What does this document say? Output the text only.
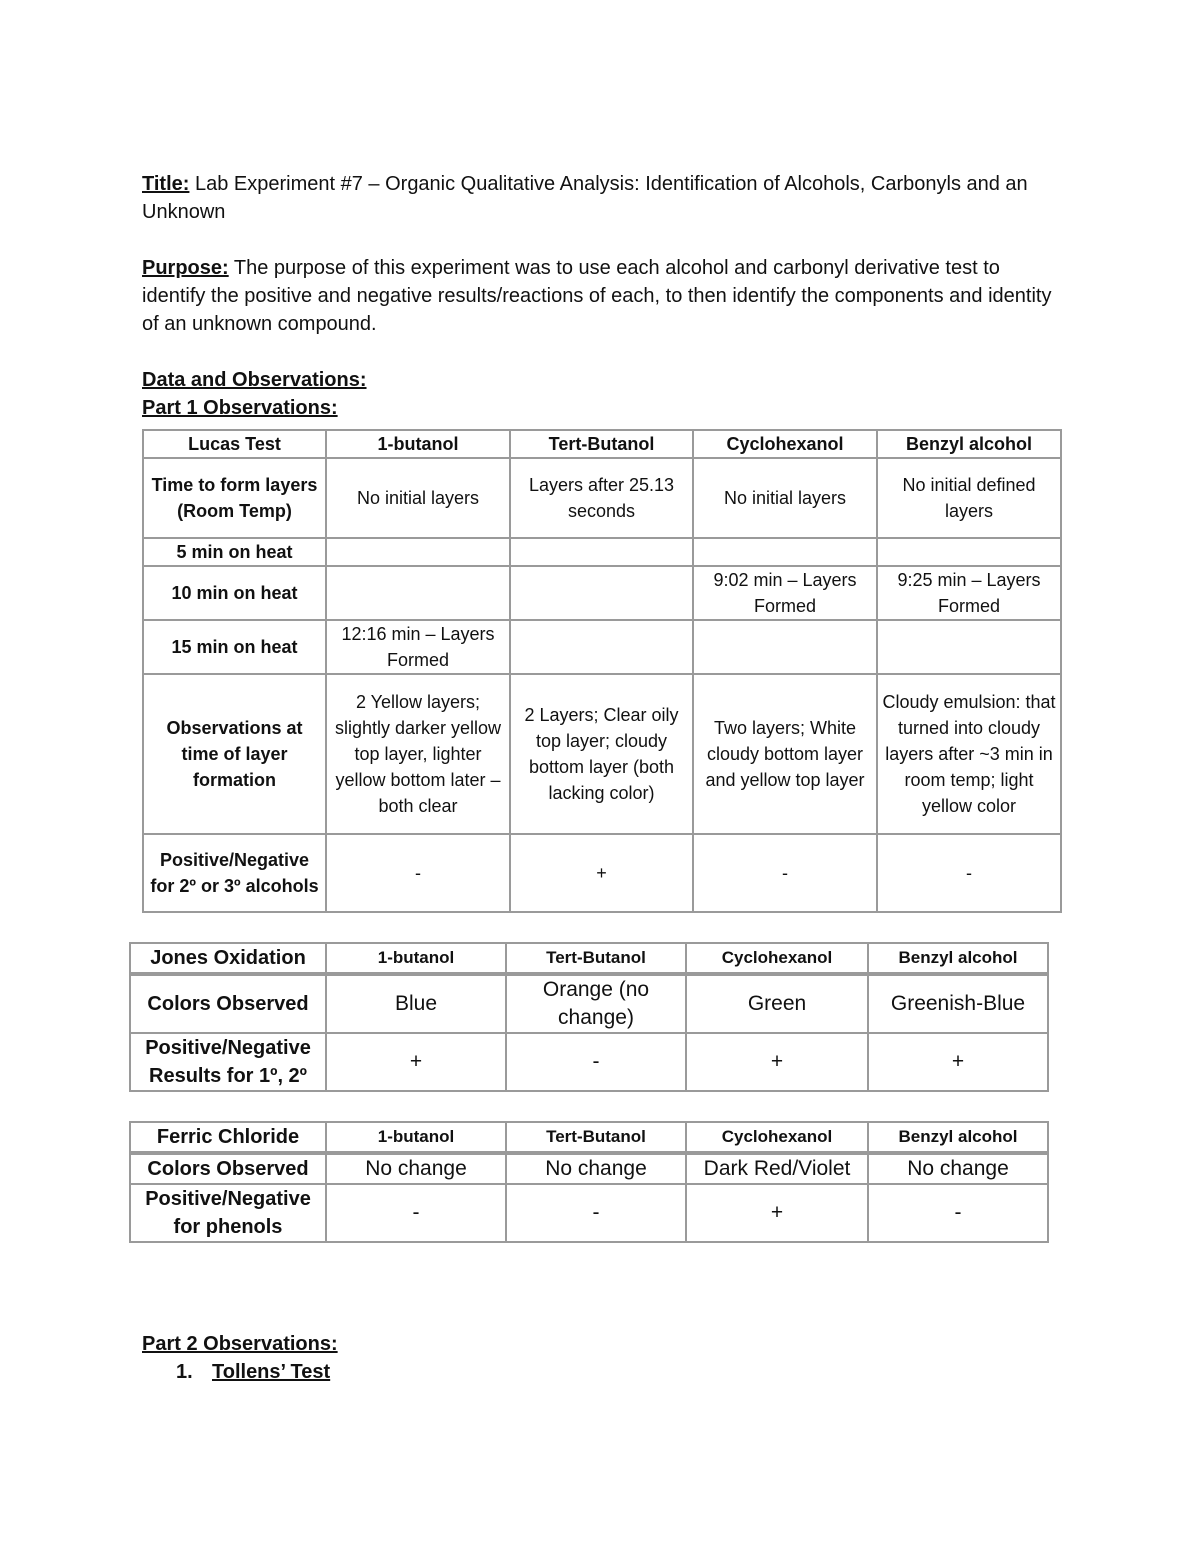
Title: Lab Experiment #7 – Organic Qualitative Analysis: Identification of Alcohols, Carbonyls and an Unknown

Purpose: The purpose of this experiment was to use each alcohol and carbonyl derivative test to identify the positive and negative results/reactions of each, to then identify the components and identity of an unknown compound.

Data and Observations:

Part 1 Observations:

Lucas Test	1-butanol	Tert-Butanol	Cyclohexanol	Benzyl alcohol
Time to form layers (Room Temp)	No initial layers	Layers after 25.13 seconds	No initial layers	No initial defined layers
5 min on heat				
10 min on heat			9:02 min – Layers Formed	9:25 min – Layers Formed
15 min on heat	12:16 min – Layers Formed			
Observations at time of layer formation	2 Yellow layers; slightly darker yellow top layer, lighter yellow bottom later – both clear	2 Layers; Clear oily top layer; cloudy bottom layer (both lacking color)	Two layers; White cloudy bottom layer and yellow top layer	Cloudy emulsion: that turned into cloudy layers after ~3 min in room temp; light yellow color
Positive/Negative for 2º or 3º alcohols	-	+	-	-
Jones Oxidation	1-butanol	Tert-Butanol	Cyclohexanol	Benzyl alcohol
Colors Observed	Blue	Orange (no change)	Green	Greenish-Blue
Positive/Negative Results for 1º, 2º	+	-	+	+
Ferric Chloride	1-butanol	Tert-Butanol	Cyclohexanol	Benzyl alcohol
Colors Observed	No change	No change	Dark Red/Violet	No change
Positive/Negative for phenols	-	-	+	-

Part 2 Observations:

1. Tollens’ Test
